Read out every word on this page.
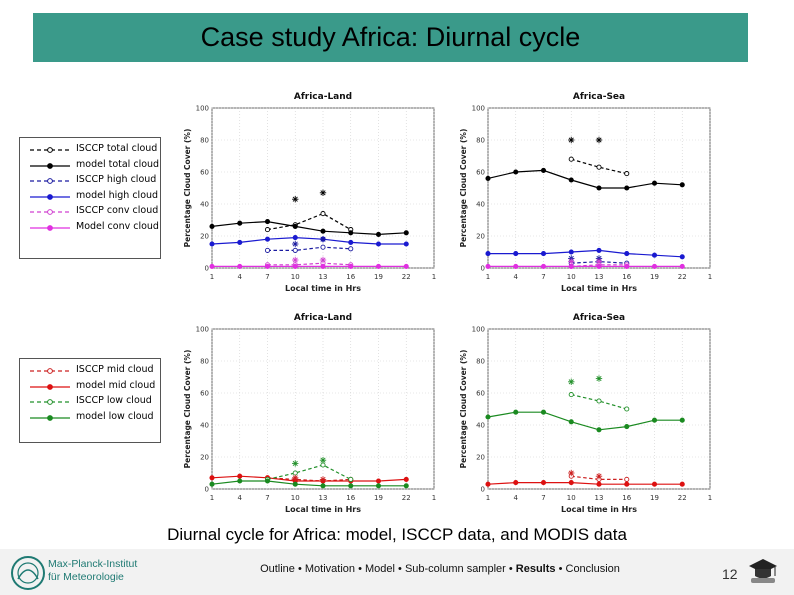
Case study Africa: Diurnal cycle
ISCCP total cloud
model total cloud
ISCCP high cloud
model high cloud
ISCCP conv cloud
Model conv cloud
ISCCP mid cloud
model mid cloud
ISCCP low cloud
model low cloud
Africa-Land
1	4	7	10	13	16	19	22	1
0
20
40
60
80
100
Local time in Hrs
Percentage Cloud Cover (%)
Africa-Sea
1	4	7	10	13	16	19	22	1
0
20
40
60
80
100
Local time in Hrs
Percentage Cloud Cover (%)
Africa-Land
1	4	7	10	13	16	19	22	1
0
20
40
60
80
100
Local time in Hrs
Percentage Cloud Cover (%)
Africa-Sea
1	4	7	10	13	16	19	22	1
0
20
40
60
80
100
Local time in Hrs
Percentage Cloud Cover (%)
Diurnal cycle for Africa: model, ISCCP data, and MODIS data
Max-Planck-Institut
für Meteorologie
Outline • Motivation • Model • Sub-column sampler • Results • Conclusion	12
